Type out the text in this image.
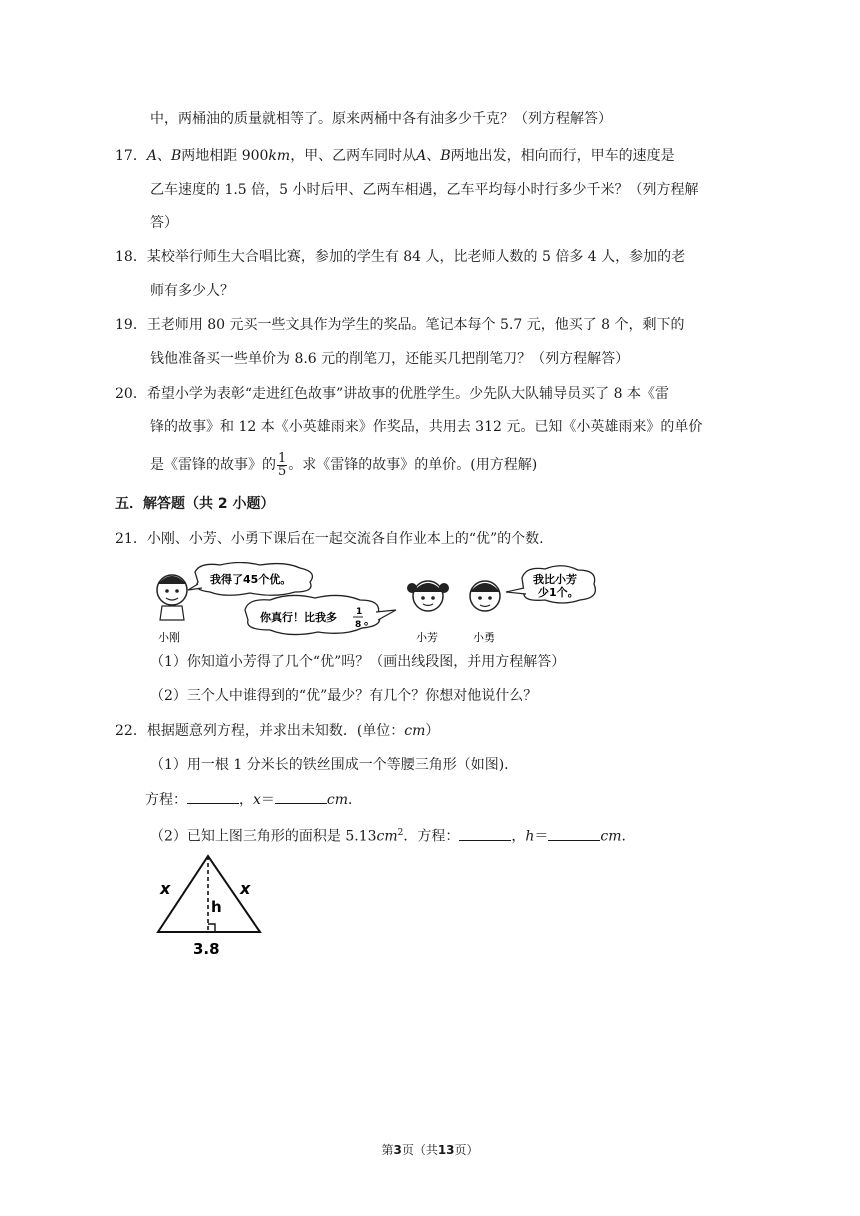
中，两桶油的质量就相等了。原来两桶中各有油多少千克？（列方程解答）
17．A、B两地相距 900km，甲、乙两车同时从A、B两地出发，相向而行，甲车的速度是
乙车速度的 1.5 倍，5 小时后甲、乙两车相遇，乙车平均每小时行多少千米？（列方程解
答）
18．某校举行师生大合唱比赛，参加的学生有 84 人，比老师人数的 5 倍多 4 人，参加的老
师有多少人？
19．王老师用 80 元买一些文具作为学生的奖品。笔记本每个 5.7 元，他买了 8 个，剩下的
钱他准备买一些单价为 8.6 元的削笔刀，还能买几把削笔刀？（列方程解答）
20．希望小学为表彰“走进红色故事”讲故事的优胜学生。少先队大队辅导员买了 8 本《雷
锋的故事》和 12 本《小英雄雨来》作奖品，共用去 312 元。已知《小英雄雨来》的单价
是《雷锋的故事》的 $\frac{1}{5}$ 。求《雷锋的故事》的单价。(用方程解)
五．解答题（共 2 小题）
21．小刚、小芳、小勇下课后在一起交流各自作业本上的“优”的个数.
小刚
我得了45个优。
你真行！比我多 1
8 。
小芳	小勇
我比小芳
少1个。
（1）你知道小芳得了几个“优”吗？（画出线段图，并用方程解答）
（2）三个人中谁得到的“优”最少？有几个？你想对他说什么？
22．根据题意列方程，并求出未知数．(单位：cm）
（1）用一根 1 分米长的铁丝围成一个等腰三角形（如图)．
方程：	，x＝	cm．
（2）已知上图三角形的面积是 $5.13cm^2$．方程：	，h＝	cm．
x	x
h
3.8
第3页（共13页）
